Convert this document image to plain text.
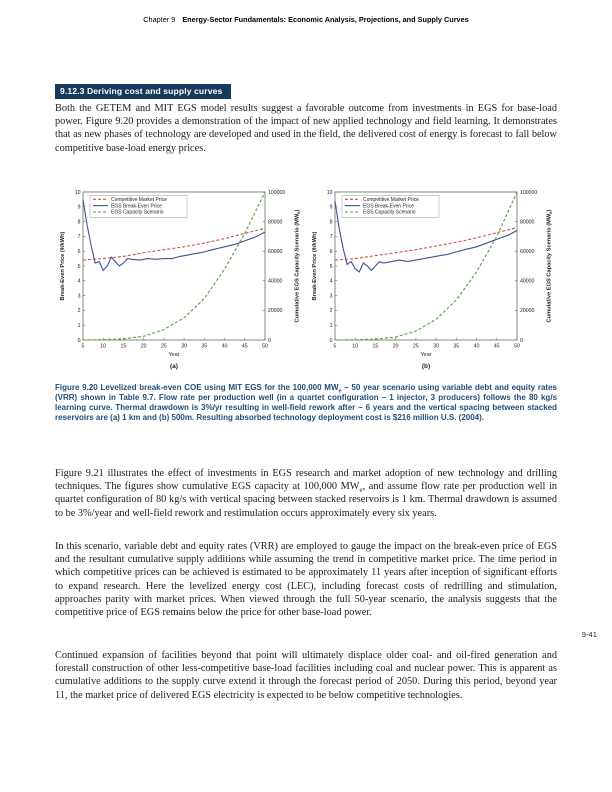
Chapter 9 Energy-Sector Fundamentals: Economic Analysis, Projections, and Supply Curves
9.12.3 Deriving cost and supply curves

Both the GETEM and MIT EGS model results suggest a favorable outcome from investments in EGS for base-load power. Figure 9.20 provides a demonstration of the impact of new applied technology and field learning. It demonstrates that as new phases of technology are developed and used in the field, the delivered cost of energy is forecast to fall below competitive base-load energy prices.

0
1
2
3
4
5
6
7
8
9
10
0
20000
40000
60000
80000
100000
5	10	15	20	25	30	35	40	45	50
Competitive Market Price
EGS Break-Even Price
EGS Capacity Scenario
Year
(a)
Break-Even Price (¢/kWh)	Cumulative EGS Capacity Scenario $(MW_e)$
0
1
2
3
4
5
6
7
8
9
10
0
20000
40000
60000
80000
100000
5	10	15	20	25	30	35	40	45	50
Competitive Market Price
EGS Break-Even Price
EGS Capacity Scenario
Year
(b)
Break-Even Price (¢/kWh)	Cumulative EGS Capacity Scenario $(MW_e)$

Figure 9.20 Levelized break-even COE using MIT EGS for the 100,000 $MW_e - 50$ year scenario using variable debt and equity rates (VRR) shown in Table 9.7. Flow rate per production well (in a quartet configuration – 1 injector, 3 producers) follows the 80 kg/s learning curve. Thermal drawdown is 3%/yr resulting in well-field rework after ~ 6 years and the vertical spacing between stacked reservoirs are (a) 1 km and (b) 500m. Resulting absorbed technology deployment cost is $216 million U.S. (2004).

Figure 9.21 illustrates the effect of investments in EGS research and market adoption of new technology and drilling techniques. The figures show cumulative EGS capacity at 100,000 $MW_e$, and assume flow rate per production well in quartet configuration of 80 kg/s with vertical spacing between stacked reservoirs is 1 km. Thermal drawdown is assumed to be 3%/year and well-field rework and restimulation occurs approximately every six years.

In this scenario, variable debt and equity rates (VRR) are employed to gauge the impact on the break-even price of EGS and the resultant cumulative supply additions while assuming the trend in competitive market price. The time period in which competitive prices can be achieved is estimated to be approximately 11 years after inception of significant efforts to expand research. Here the levelized energy cost (LEC), including forecast costs of redrilling and stimulation, approaches parity with market prices. When viewed through the full 50-year scenario, the analysis suggests that the competitive price of EGS remains below the price for other base-load power.

Continued expansion of facilities beyond that point will ultimately displace older coal- and oil-fired generation and forestall construction of other less-competitive base-load facilities including coal and nuclear power. This is apparent as cumulative additions to the supply curve extend it through the forecast period of 2050. During this period, beyond year 11, the market price of delivered EGS electricity is expected to be below competitive technologies.

9-41
